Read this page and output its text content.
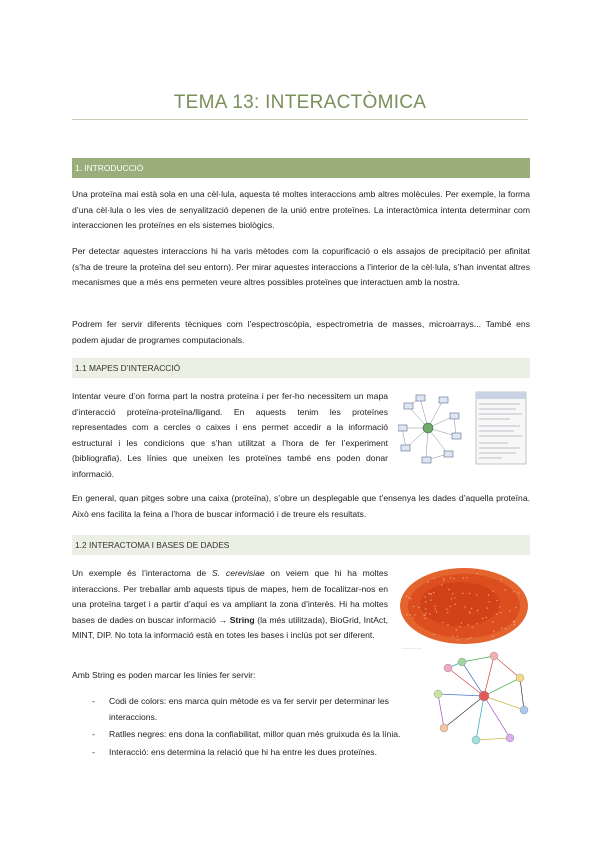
TEMA 13: INTERACTÒMICA
1. INTRODUCCIÓ

Una proteïna mai està sola en una cèl·lula, aquesta té moltes interaccions amb altres molècules. Per exemple, la forma d’una cèl·lula o les vies de senyalització depenen de la unió entre proteïnes. La interactòmica intenta determinar com interaccionen les proteïnes en els sistemes biològics.

Per detectar aquestes interaccions hi ha varis mètodes com la copurificació o els assajos de precipitació per afinitat (s’ha de treure la proteïna del seu entorn). Per mirar aquestes interaccions a l’interior de la cèl·lula, s’han inventat altres mecanismes que a més ens permeten veure altres possibles proteïnes que interactuen amb la nostra.

Podrem fer servir diferents tècniques com l’espectroscòpia, espectrometria de masses, microarrays... També ens podem ajudar de programes computacionals.

1.1 MAPES D’INTERACCIÓ

Intentar veure d’on forma part la nostra proteïna i per fer-ho necessitem un mapa d’interacció proteïna-proteïna/lligand. En aquests tenim les proteïnes representades com a cercles o caixes i ens permet accedir a la informació estructural i les condicions que s’han utilitzat a l’hora de fer l’experiment (bibliografia). Les línies que uneixen les proteïnes també ens poden donar informació.

En general, quan pitges sobre una caixa (proteïna), s’obre un desplegable que t’ensenya les dades d’aquella proteïna. Això ens facilita la feina a l’hora de buscar informació i de treure els resultats.

1.2 INTERACTOMA I BASES DE DADES

Un exemple és l’interactoma de S. cerevisiae on veiem que hi ha moltes interaccions. Per treballar amb aquests tipus de mapes, hem de focalitzar-nos en una proteïna target i a partir d’aquí es va ampliant la zona d’interès. Hi ha moltes bases de dades on buscar informació → String (la més utilitzada), BioGrid, IntAct, MINT, DIP. No tota la informació està en totes les bases i inclús pot ser diferent.

_ _ _ _ _ _ _ _

Amb String es poden marcar les línies fer servir:

- Codi de colors: ens marca quin mètode es va fer servir per determinar les interaccions.
- Ratlles negres: ens dona la confiabilitat, millor quan més gruixuda és la línia.
- Interacció: ens determina la relació que hi ha entre les dues proteïnes.
